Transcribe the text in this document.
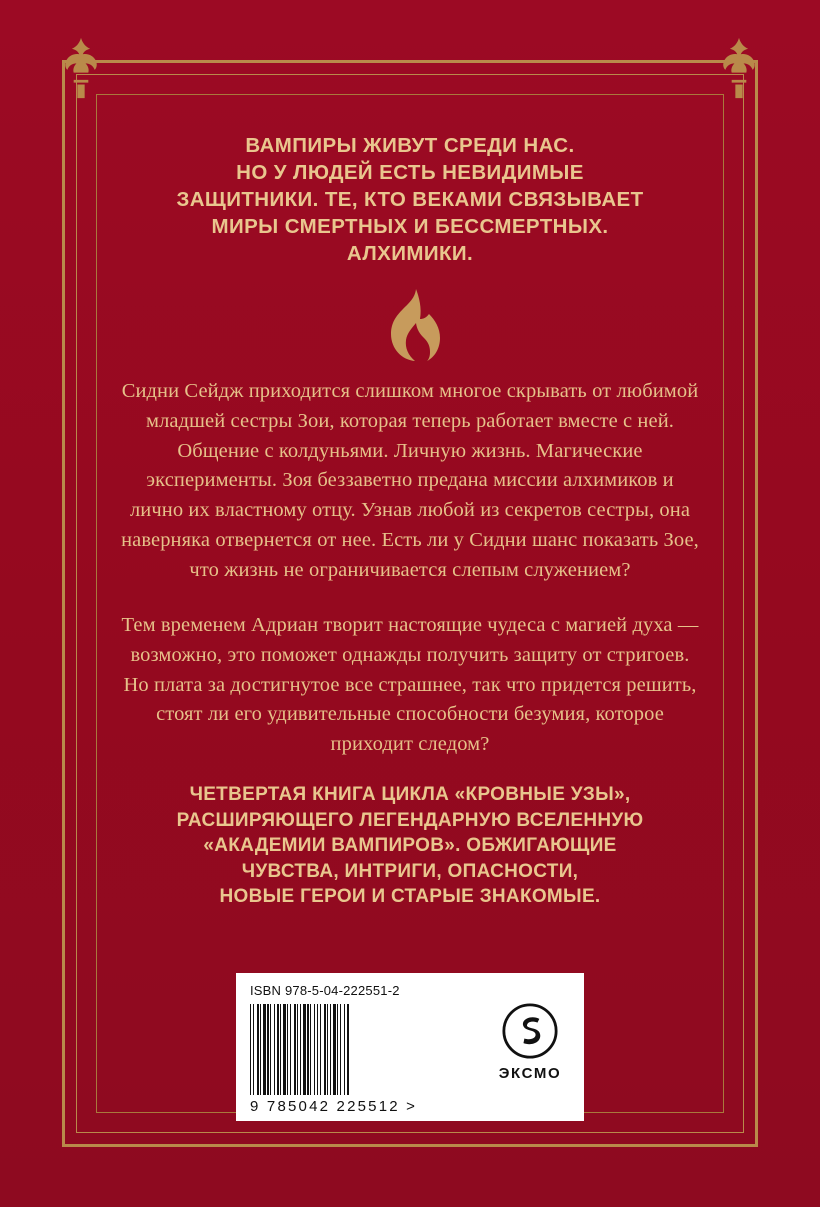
ВАМПИРЫ ЖИВУТ СРЕДИ НАС.
НО У ЛЮДЕЙ ЕСТЬ НЕВИДИМЫЕ
ЗАЩИТНИКИ. ТЕ, КТО ВЕКАМИ СВЯЗЫВАЕТ
МИРЫ СМЕРТНЫХ И БЕССМЕРТНЫХ.
АЛХИМИКИ.

Сидни Сейдж приходится слишком многое скрывать от любимой младшей сестры Зои, которая теперь работает вместе с ней. Общение с колдуньями. Личную жизнь. Магические эксперименты. Зоя беззаветно предана миссии алхимиков и лично их властному отцу. Узнав любой из секретов сестры, она наверняка отвернется от нее. Есть ли у Сидни шанс показать Зое, что жизнь не ограничивается слепым служением?

Тем временем Адриан творит настоящие чудеса с магией духа — возможно, это поможет однажды получить защиту от стригоев. Но плата за достигнутое все страшнее, так что придется решить, стоят ли его удивительные способности безумия, которое приходит следом?

ЧЕТВЕРТАЯ КНИГА ЦИКЛА «КРОВНЫЕ УЗЫ»,
РАСШИРЯЮЩЕГО ЛЕГЕНДАРНУЮ ВСЕЛЕННУЮ
«АКАДЕМИИ ВАМПИРОВ». ОБЖИГАЮЩИЕ
ЧУВСТВА, ИНТРИГИ, ОПАСНОСТИ,
НОВЫЕ ГЕРОИ И СТАРЫЕ ЗНАКОМЫЕ.
ISBN 978-5-04-222551-2
9 785042 225512 >
ЭКСМО
